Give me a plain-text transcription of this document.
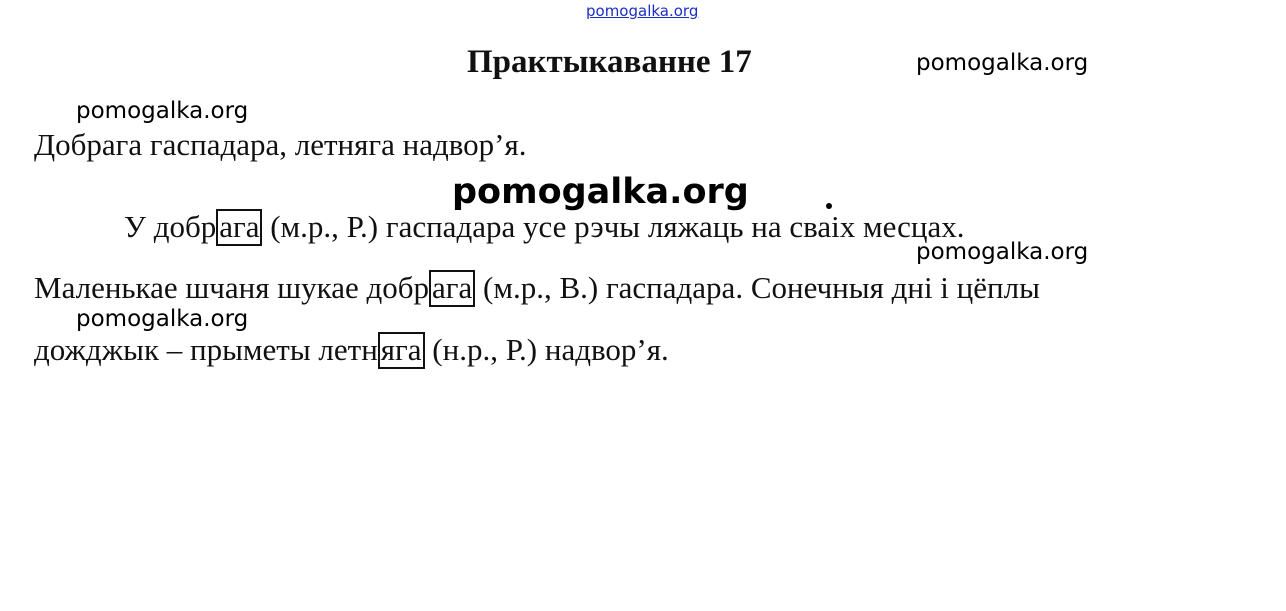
pomogalka.org
Практыкаванне 17	pomogalka.org
pomogalka.org
Добрага гаспадара, летняга надвор’я.
pomogalka.org
У добрага (м.р., Р.) гаспадара усе рэчы ляжаць на сваіх месцах.
pomogalka.org
Маленькае шчаня шукае добрага (м.р., В.) гаспадара. Сонечныя дні і цёплы
pomogalka.org
дожджык – прыметы летняга (н.р., Р.) надвор’я.
